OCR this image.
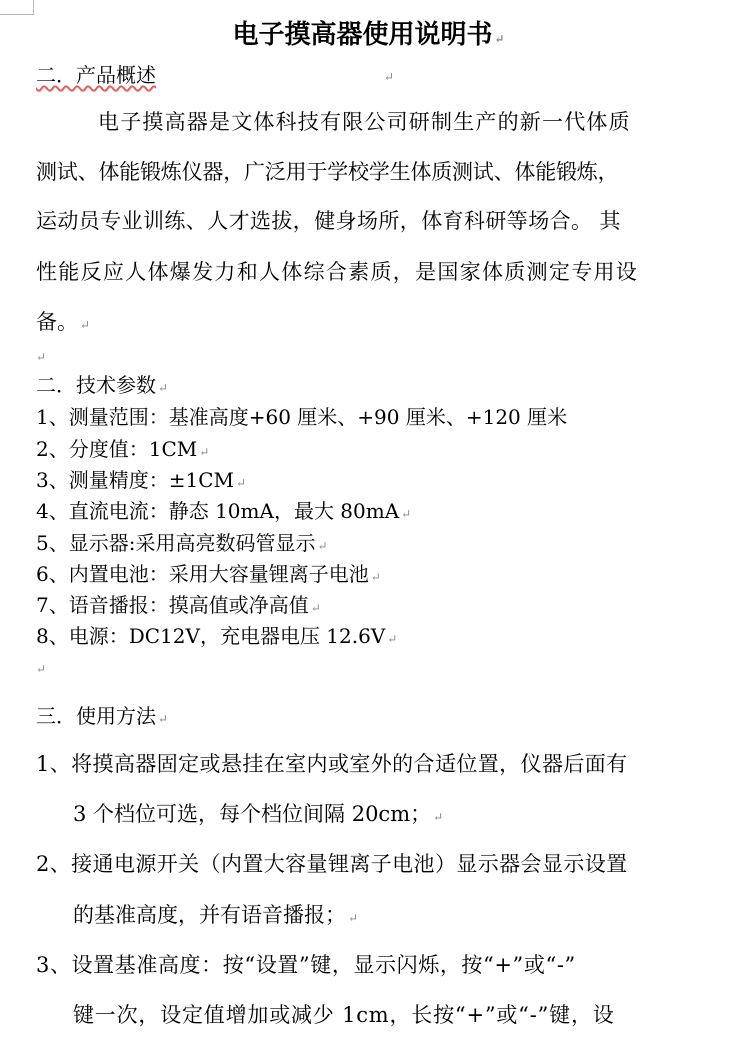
电子摸高器使用说明书 ↵
二．产品概述	↵
电子摸高器是文体科技有限公司研制生产的新一代体质
测试、体能锻炼仪器，广泛用于学校学生体质测试、体能锻炼，
运动员专业训练、人才选拔，健身场所，体育科研等场合。 其
性能反应人体爆发力和人体综合素质，是国家体质测定专用设
备。 ↵
↵
二．技术参数 ↵
1、测量范围：基准高度+60 厘米、+90 厘米、+120 厘米
2、分度值：1CM ↵
3、测量精度：±1CM ↵
4、直流电流：静态 10mA，最大 80mA ↵
5、显示器:采用高亮数码管显示 ↵
6、内置电池：采用大容量锂离子电池 ↵
7、语音播报：摸高值或净高值 ↵
8、电源：DC12V，充电器电压 12.6V ↵
↵
三．使用方法 ↵
1、将摸高器固定或悬挂在室内或室外的合适位置，仪器后面有
3 个档位可选，每个档位间隔 20cm； ↵
2、接通电源开关（内置大容量锂离子电池）显示器会显示设置
的基准高度，并有语音播报； ↵
3、设置基准高度：按“设置”键，显示闪烁，按“+”或“-”
键一次，设定值增加或减少 1cm，长按“+”或“-”键，设
